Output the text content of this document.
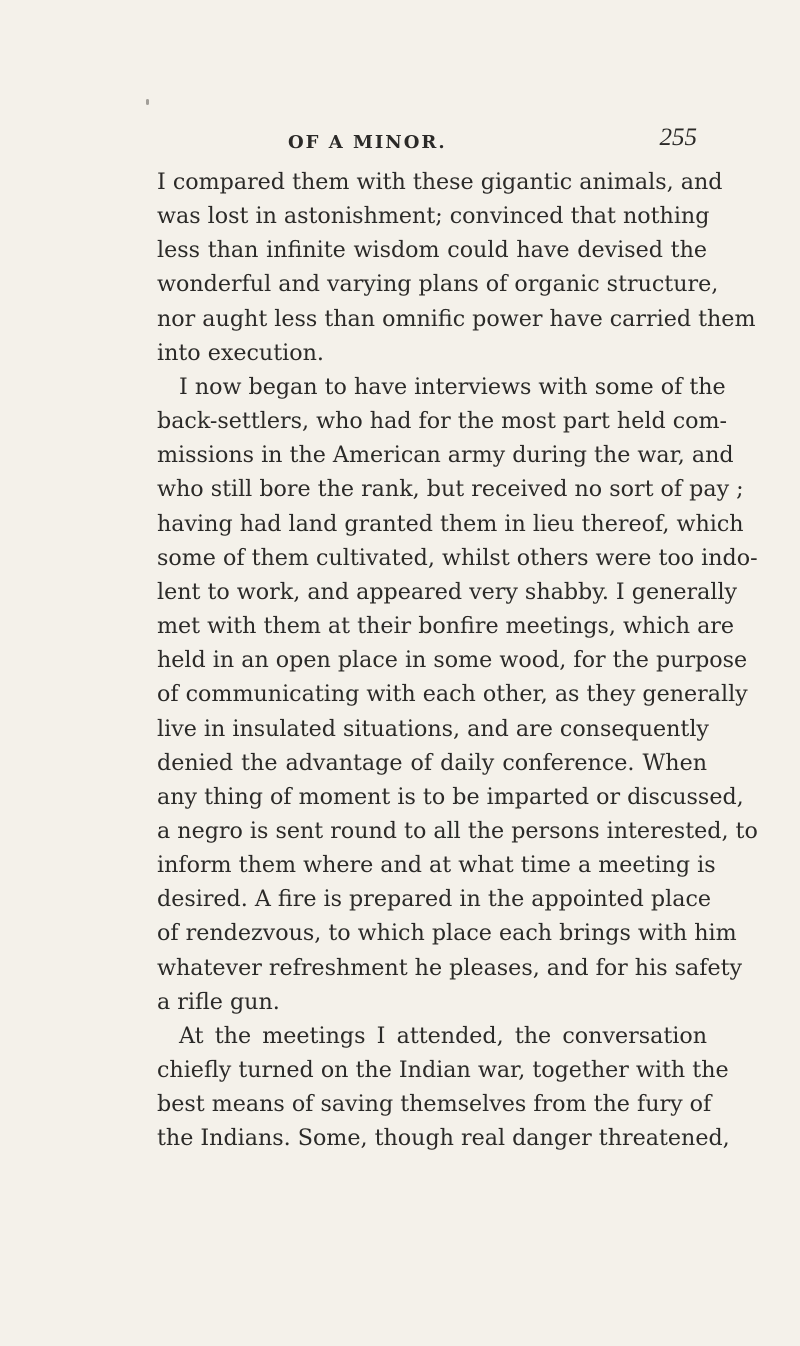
OF A MINOR.	255
I compared them with these gigantic animals, and
was lost in astonishment; convinced that nothing
less than infinite wisdom could have devised the
wonderful and varying plans of organic structure,
nor aught less than omnific power have carried them
into execution.
I now began to have interviews with some of the
back-settlers, who had for the most part held com-
missions in the American army during the war, and
who still bore the rank, but received no sort of pay ;
having had land granted them in lieu thereof, which
some of them cultivated, whilst others were too indo-
lent to work, and appeared very shabby. I generally
met with them at their bonfire meetings, which are
held in an open place in some wood, for the purpose
of communicating with each other, as they generally
live in insulated situations, and are consequently
denied the advantage of daily conference. When
any thing of moment is to be imparted or discussed,
a negro is sent round to all the persons interested, to
inform them where and at what time a meeting is
desired. A fire is prepared in the appointed place
of rendezvous, to which place each brings with him
whatever refreshment he pleases, and for his safety
a rifle gun.
At the meetings I attended, the conversation
chiefly turned on the Indian war, together with the
best means of saving themselves from the fury of
the Indians. Some, though real danger threatened,
